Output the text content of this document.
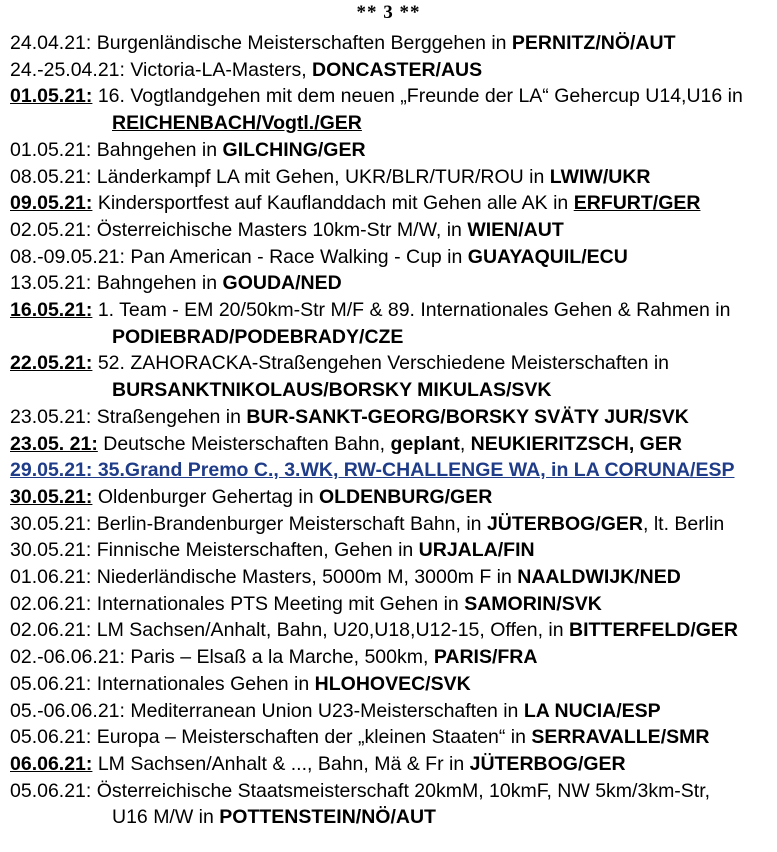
** 3 **
24.04.21: Burgenländische Meisterschaften Berggehen in PERNITZ/NÖ/AUT
24.-25.04.21: Victoria-LA-Masters, DONCASTER/AUS
01.05.21: 16. Vogtlandgehen mit dem neuen „Freunde der LA“ Gehercup U14,U16 in
REICHENBACH/Vogtl./GER
01.05.21: Bahngehen in GILCHING/GER
08.05.21: Länderkampf LA mit Gehen, UKR/BLR/TUR/ROU in LWIW/UKR
09.05.21: Kindersportfest auf Kauflanddach mit Gehen alle AK in ERFURT/GER
02.05.21: Österreichische Masters 10km-Str M/W, in WIEN/AUT
08.-09.05.21: Pan American - Race Walking - Cup in GUAYAQUIL/ECU
13.05.21: Bahngehen in GOUDA/NED
16.05.21: 1. Team - EM 20/50km-Str M/F & 89. Internationales Gehen & Rahmen in
PODIEBRAD/PODEBRADY/CZE
22.05.21: 52. ZAHORACKA-Straßengehen Verschiedene Meisterschaften in
BURSANKTNIKOLAUS/BORSKY MIKULAS/SVK
23.05.21: Straßengehen in BUR-SANKT-GEORG/BORSKY SVÄTY JUR/SVK
23.05. 21: Deutsche Meisterschaften Bahn, geplant, NEUKIERITZSCH, GER
29.05.21: 35.Grand Premo C., 3.WK, RW-CHALLENGE WA, in LA CORUNA/ESP
30.05.21: Oldenburger Gehertag in OLDENBURG/GER
30.05.21: Berlin-Brandenburger Meisterschaft Bahn, in JÜTERBOG/GER, lt. Berlin
30.05.21: Finnische Meisterschaften, Gehen in URJALA/FIN
01.06.21: Niederländische Masters, 5000m M, 3000m F in NAALDWIJK/NED
02.06.21: Internationales PTS Meeting mit Gehen in SAMORIN/SVK
02.06.21: LM Sachsen/Anhalt, Bahn, U20,U18,U12-15, Offen, in BITTERFELD/GER
02.-06.06.21: Paris – Elsaß a la Marche, 500km, PARIS/FRA
05.06.21: Internationales Gehen in HLOHOVEC/SVK
05.-06.06.21: Mediterranean Union U23-Meisterschaften in LA NUCIA/ESP
05.06.21: Europa – Meisterschaften der „kleinen Staaten“ in SERRAVALLE/SMR
06.06.21: LM Sachsen/Anhalt & ..., Bahn, Mä & Fr in JÜTERBOG/GER
05.06.21: Österreichische Staatsmeisterschaft 20kmM, 10kmF, NW 5km/3km-Str,
U16 M/W in POTTENSTEIN/NÖ/AUT
